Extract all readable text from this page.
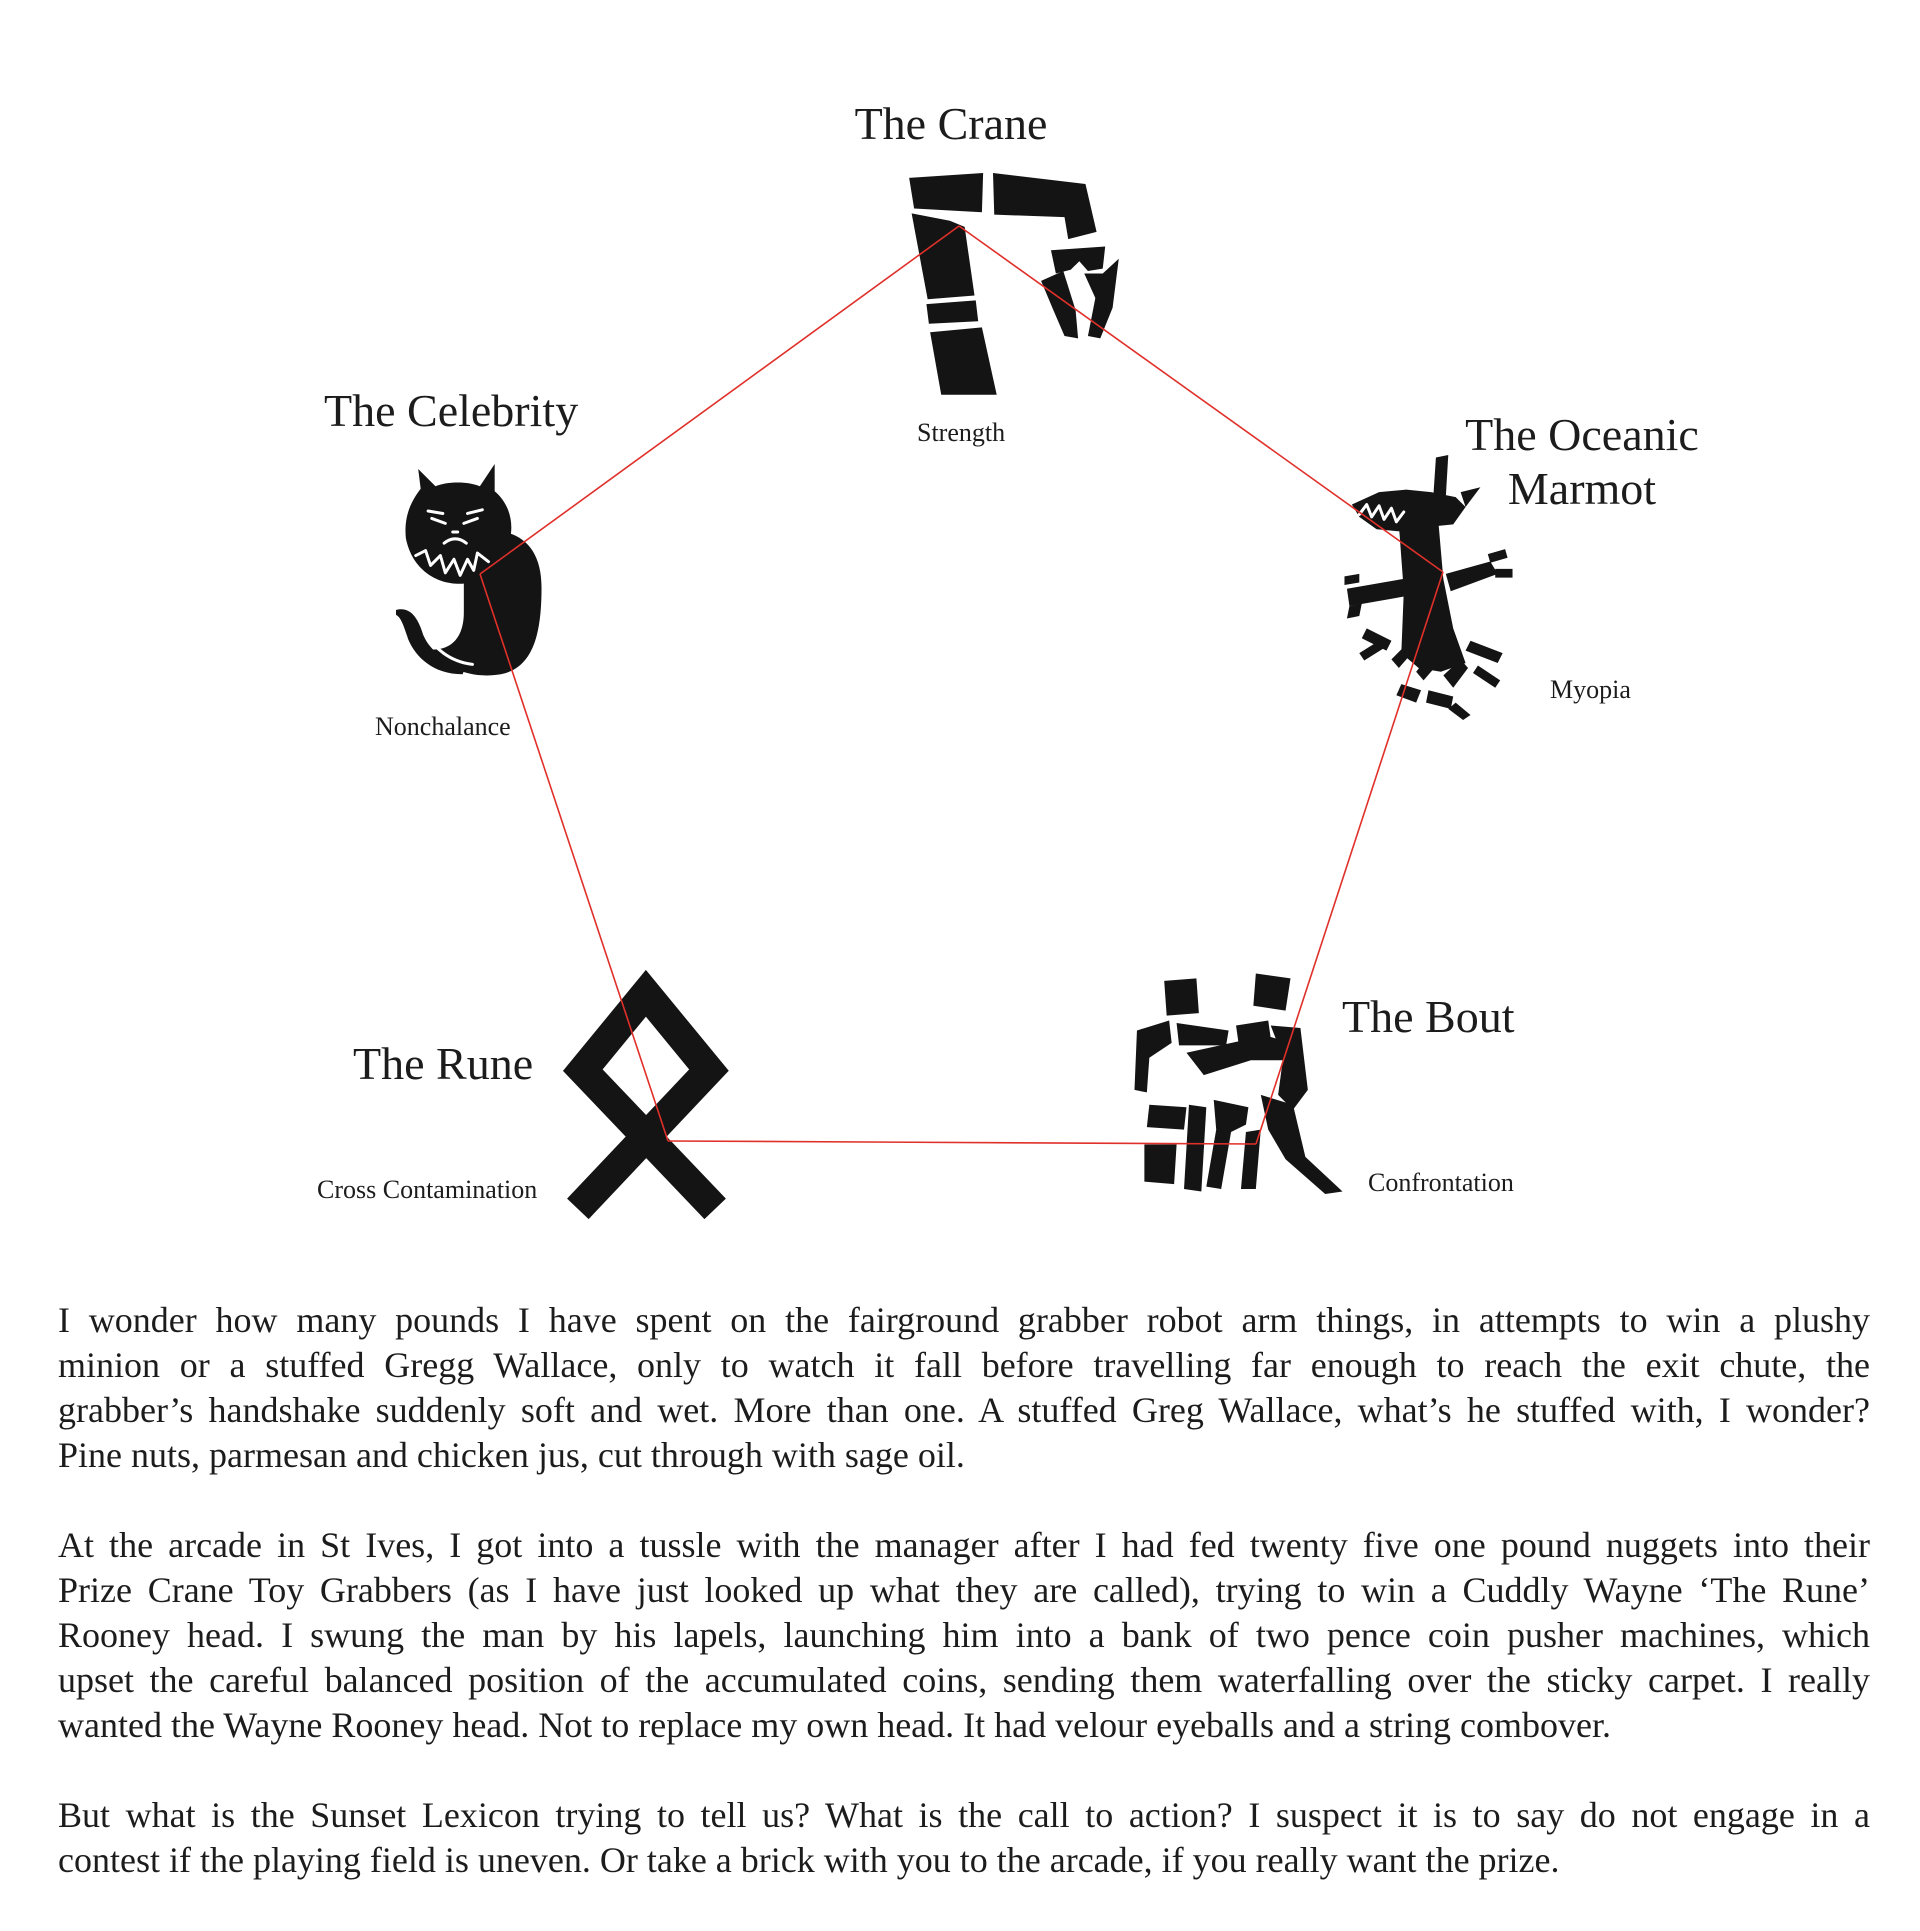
The Crane
The Oceanic Marmot
The Bout
The Rune
The Celebrity	Strength
Myopia
Confrontation
Cross Contamination
Nonchalance
I wonder how many pounds I have spent on the fairground grabber robot arm things, in attempts to win a plushy
minion or a stuffed Gregg Wallace, only to watch it fall before travelling far enough to reach the exit chute, the
grabber’s handshake suddenly soft and wet. More than one. A stuffed Greg Wallace, what’s he stuffed with, I wonder?
Pine nuts, parmesan and chicken jus, cut through with sage oil.
At the arcade in St Ives, I got into a tussle with the manager after I had fed twenty five one pound nuggets into their
Prize Crane Toy Grabbers (as I have just looked up what they are called), trying to win a Cuddly Wayne ‘The Rune’
Rooney head. I swung the man by his lapels, launching him into a bank of two pence coin pusher machines, which
upset the careful balanced position of the accumulated coins, sending them waterfalling over the sticky carpet. I really
wanted the Wayne Rooney head. Not to replace my own head. It had velour eyeballs and a string combover.
But what is the Sunset Lexicon trying to tell us? What is the call to action? I suspect it is to say do not engage in a
contest if the playing field is uneven. Or take a brick with you to the arcade, if you really want the prize.
